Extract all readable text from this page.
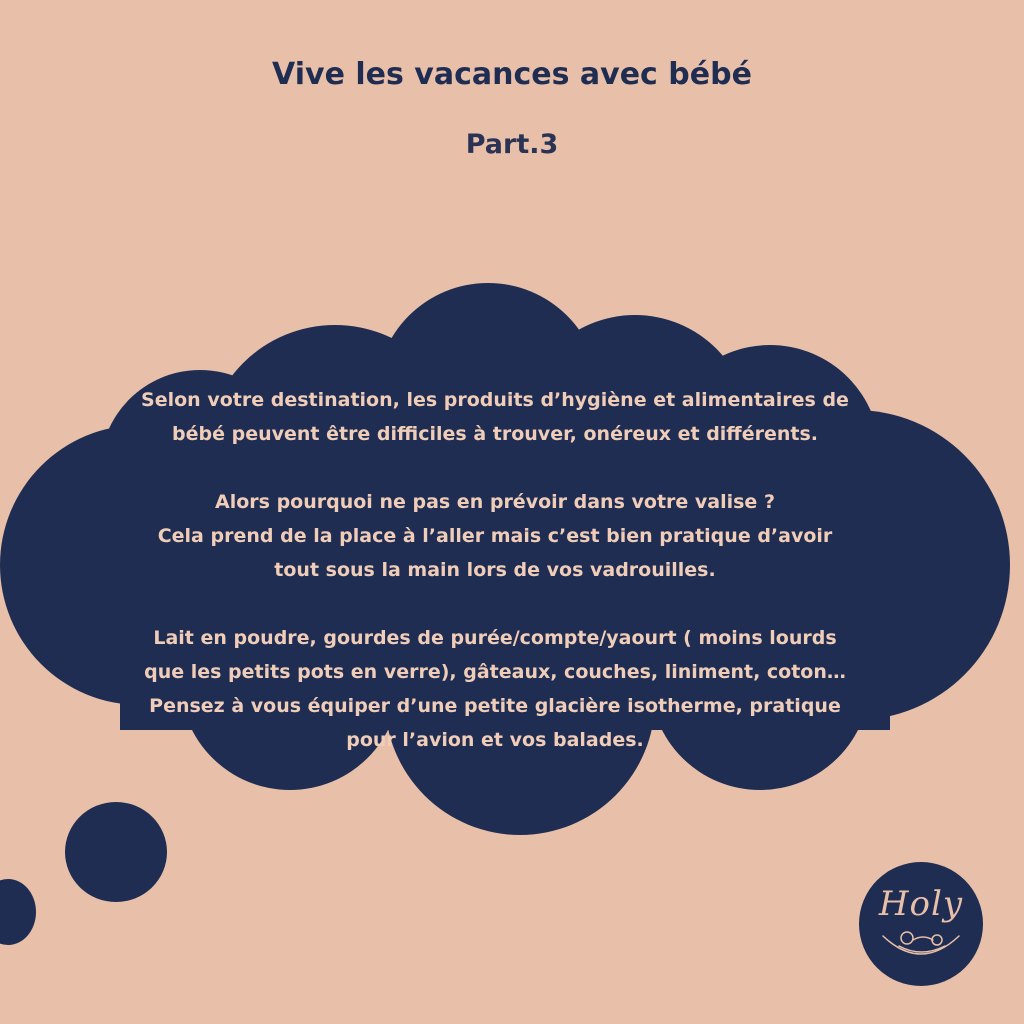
Vive les vacances avec bébé
Part.3

Selon votre destination, les produits d’hygiène et alimentaires de
bébé peuvent être difficiles à trouver, onéreux et différents.

Alors pourquoi ne pas en prévoir dans votre valise ?
Cela prend de la place à l’aller mais c’est bien pratique d’avoir
tout sous la main lors de vos vadrouilles.

Lait en poudre, gourdes de purée/compte/yaourt ( moins lourds
que les petits pots en verre), gâteaux, couches, liniment, coton…
Pensez à vous équiper d’une petite glacière isotherme, pratique
pour l’avion et vos balades.

Holy
